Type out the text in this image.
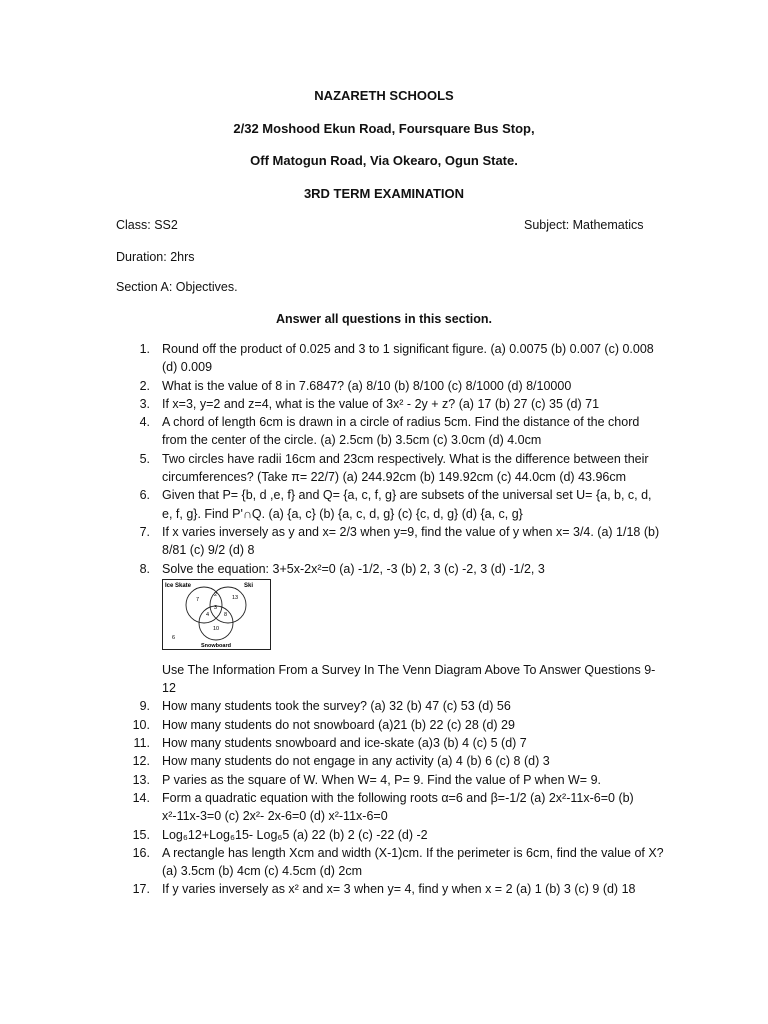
NAZARETH SCHOOLS
2/32 Moshood Ekun Road, Foursquare Bus Stop,
Off Matogun Road, Via Okearo, Ogun State.
3RD TERM EXAMINATION
Class: SS2	Subject: Mathematics
Duration: 2hrs
Section A: Objectives.
Answer all questions in this section.
1. Round off the product of 0.025 and 3 to 1 significant figure. (a) 0.0075 (b) 0.007 (c) 0.008 (d) 0.009
2. What is the value of 8 in 7.6847? (a) 8/10 (b) 8/100 (c) 8/1000 (d) 8/10000
3. If x=3, y=2 and z=4, what is the value of 3x² - 2y + z? (a) 17 (b) 27 (c) 35 (d) 71
4. A chord of length 6cm is drawn in a circle of radius 5cm. Find the distance of the chord from the center of the circle. (a) 2.5cm (b) 3.5cm (c) 3.0cm (d) 4.0cm
5. Two circles have radii 16cm and 23cm respectively. What is the difference between their circumferences? (Take π= 22/7) (a) 244.92cm (b) 149.92cm (c) 44.0cm (d) 43.96cm
6. Given that P= {b, d ,e, f} and Q= {a, c, f, g} are subsets of the universal set U= {a, b, c, d, e, f, g}. Find P'∩Q. (a) {a, c} (b) {a, c, d, g} (c) {c, d, g} (d) {a, c, g}
7. If x varies inversely as y and x= 2/3 when y=9, find the value of y when x= 3/4. (a) 1/18 (b) 8/81 (c) 9/2 (d) 8
8. Solve the equation: 3+5x-2x²=0 (a) -1/2, -3 (b) 2, 3 (c) -2, 3 (d) -1/2, 3
Ice Skate	Ski
Snowboard
7
2	13
3
4	8
10
6
Use The Information From a Survey In The Venn Diagram Above To Answer Questions 9- 12
9. How many students took the survey? (a) 32 (b) 47 (c) 53 (d) 56
10. How many students do not snowboard (a)21 (b) 22 (c) 28 (d) 29
11. How many students snowboard and ice-skate (a)3 (b) 4 (c) 5 (d) 7
12. How many students do not engage in any activity (a) 4 (b) 6 (c) 8 (d) 3
13. P varies as the square of W. When W= 4, P= 9. Find the value of P when W= 9.
14. Form a quadratic equation with the following roots α=6 and β=-1/2 (a) 2x²-11x-6=0 (b) x²-11x-3=0 (c) 2x²- 2x-6=0 (d) x²-11x-6=0
15. Log₆12+Log₆15- Log₆5 (a) 22 (b) 2 (c) -22 (d) -2
16. A rectangle has length Xcm and width (X-1)cm. If the perimeter is 6cm, find the value of X? (a) 3.5cm (b) 4cm (c) 4.5cm (d) 2cm
17. If y varies inversely as x² and x= 3 when y= 4, find y when x = 2 (a) 1 (b) 3 (c) 9 (d) 18
